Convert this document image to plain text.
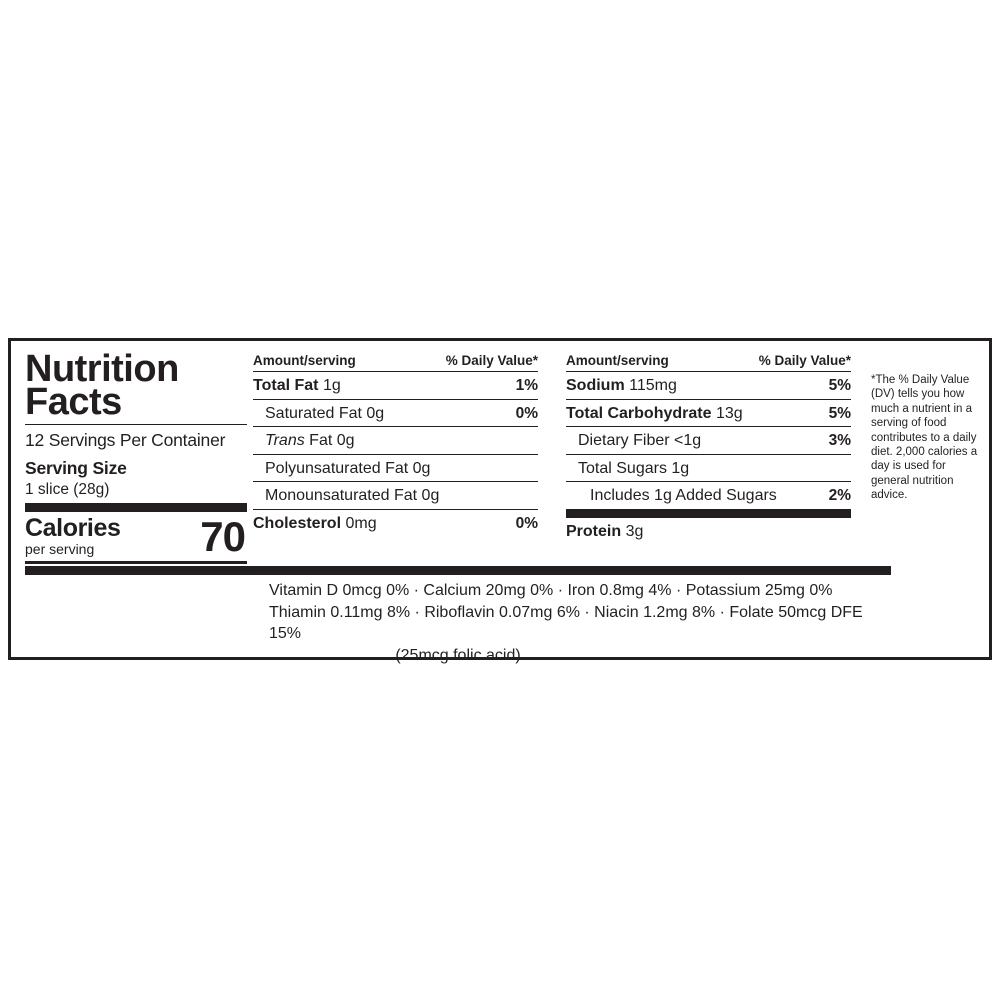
Nutrition
Facts
12 Servings Per Container
Serving Size
1 slice (28g)
Calories
per serving	70
Amount/serving	% Daily Value*
Total Fat 1g	1%
Saturated Fat 0g	0%
Trans Fat 0g
Polyunsaturated Fat 0g
Monounsaturated Fat 0g
Cholesterol 0mg	0%
Amount/serving	% Daily Value*
Sodium 115mg	5%
Total Carbohydrate 13g	5%
Dietary Fiber <1g	3%
Total Sugars 1g
Includes 1g Added Sugars	2%
Protein 3g
*The % Daily Value (DV) tells you how much a nutrient in a serving of food contributes to a daily diet. 2,000 calories a day is used for general nutrition advice.
Vitamin D 0mcg 0% · Calcium 20mg 0% · Iron 0.8mg 4% · Potassium 25mg 0%
Thiamin 0.11mg 8% · Riboflavin 0.07mg 6% · Niacin 1.2mg 8% · Folate 50mcg DFE 15%
(25mcg folic acid)
